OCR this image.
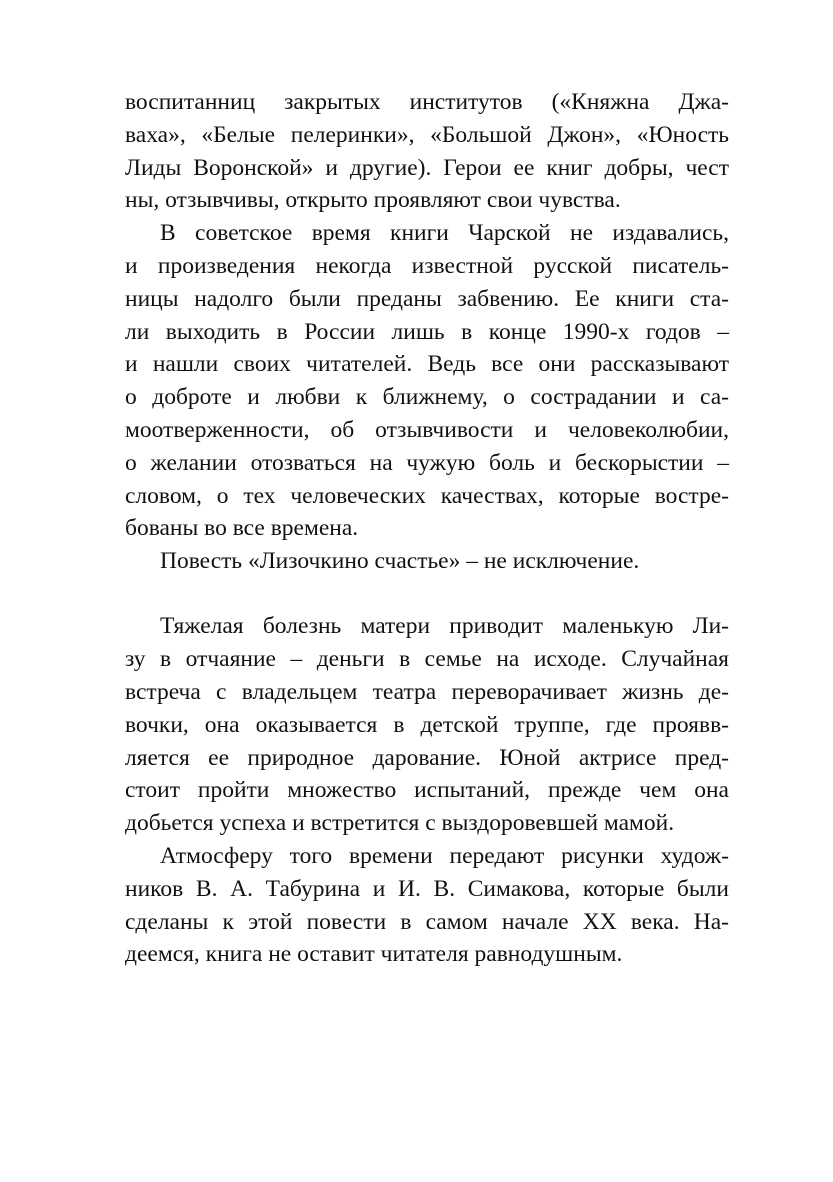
воспитанниц закрытых институтов («Княжна Джа-
ваха», «Белые пелеринки», «Большой Джон», «Юность
Лиды Воронской» и другие). Герои ее книг добры, чест
ны, отзывчивы, открыто проявляют свои чувства.
В советское время книги Чарской не издавались,
и произведения некогда известной русской писатель-
ницы надолго были преданы забвению. Ее книги ста-
ли выходить в России лишь в конце 1990-х годов –
и нашли своих читателей. Ведь все они рассказывают
о доброте и любви к ближнему, о сострадании и са-
моотверженности, об отзывчивости и человеколюбии,
о желании отозваться на чужую боль и бескорыстии –
словом, о тех человеческих качествах, которые востре-
бованы во все времена.
Повесть «Лизочкино счастье» – не исключение.
Тяжелая болезнь матери приводит маленькую Ли-
зу в отчаяние – деньги в семье на исходе. Случайная
встреча с владельцем театра переворачивает жизнь де-
вочки, она оказывается в детской труппе, где проявв-
ляется ее природное дарование. Юной актрисе пред-
стоит пройти множество испытаний, прежде чем она
добьется успеха и встретится с выздоровевшей мамой.
Атмосферу того времени передают рисунки худож-
ников В. А. Табурина и И. В. Симакова, которые были
сделаны к этой повести в самом начале XX века. На-
деемся, книга не оставит читателя равнодушным.
